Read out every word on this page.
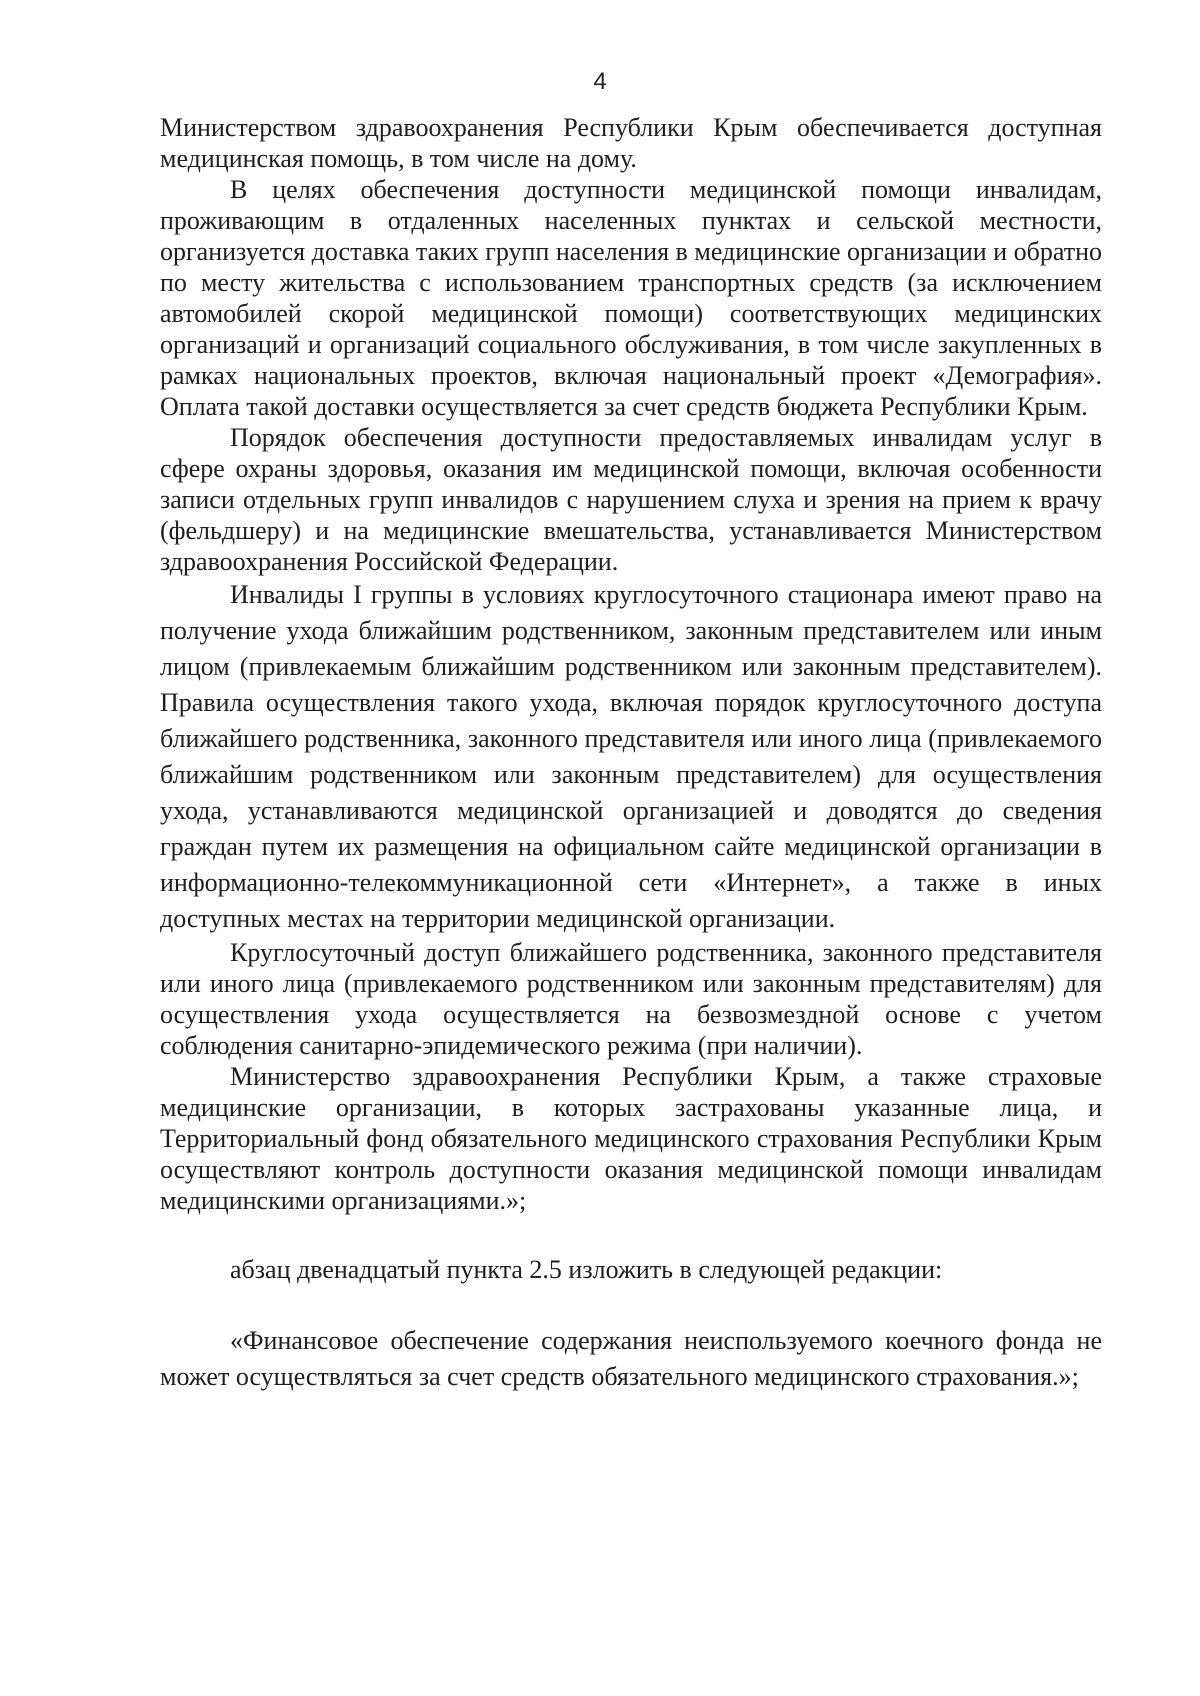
4

Министерством здравоохранения Республики Крым обеспечивается доступная медицинская помощь, в том числе на дому.

В целях обеспечения доступности медицинской помощи инвалидам, проживающим в отдаленных населенных пунктах и сельской местности, организуется доставка таких групп населения в медицинские организации и обратно по месту жительства с использованием транспортных средств (за исключением автомобилей скорой медицинской помощи) соответствующих медицинских организаций и организаций социального обслуживания, в том числе закупленных в рамках национальных проектов, включая национальный проект «Демография». Оплата такой доставки осуществляется за счет средств бюджета Республики Крым.

Порядок обеспечения доступности предоставляемых инвалидам услуг в сфере охраны здоровья, оказания им медицинской помощи, включая особенности записи отдельных групп инвалидов с нарушением слуха и зрения на прием к врачу (фельдшеру) и на медицинские вмешательства, устанавливается Министерством здравоохранения Российской Федерации.

Инвалиды I группы в условиях круглосуточного стационара имеют право на получение ухода ближайшим родственником, законным представителем или иным лицом (привлекаемым ближайшим родственником или законным представителем). Правила осуществления такого ухода, включая порядок круглосуточного доступа ближайшего родственника, законного представителя или иного лица (привлекаемого ближайшим родственником или законным представителем) для осуществления ухода, устанавливаются медицинской организацией и доводятся до сведения граждан путем их размещения на официальном сайте медицинской организации в информационно-телекоммуникационной сети «Интернет», а также в иных доступных местах на территории медицинской организации.

Круглосуточный доступ ближайшего родственника, законного представителя или иного лица (привлекаемого родственником или законным представителям) для осуществления ухода осуществляется на безвозмездной основе с учетом соблюдения санитарно-эпидемического режима (при наличии).

Министерство здравоохранения Республики Крым, а также страховые медицинские организации, в которых застрахованы указанные лица, и Территориальный фонд обязательного медицинского страхования Республики Крым осуществляют контроль доступности оказания медицинской помощи инвалидам медицинскими организациями.»;

абзац двенадцатый пункта 2.5 изложить в следующей редакции:

«Финансовое обеспечение содержания неиспользуемого коечного фонда не может осуществляться за счет средств обязательного медицинского страхования.»;
